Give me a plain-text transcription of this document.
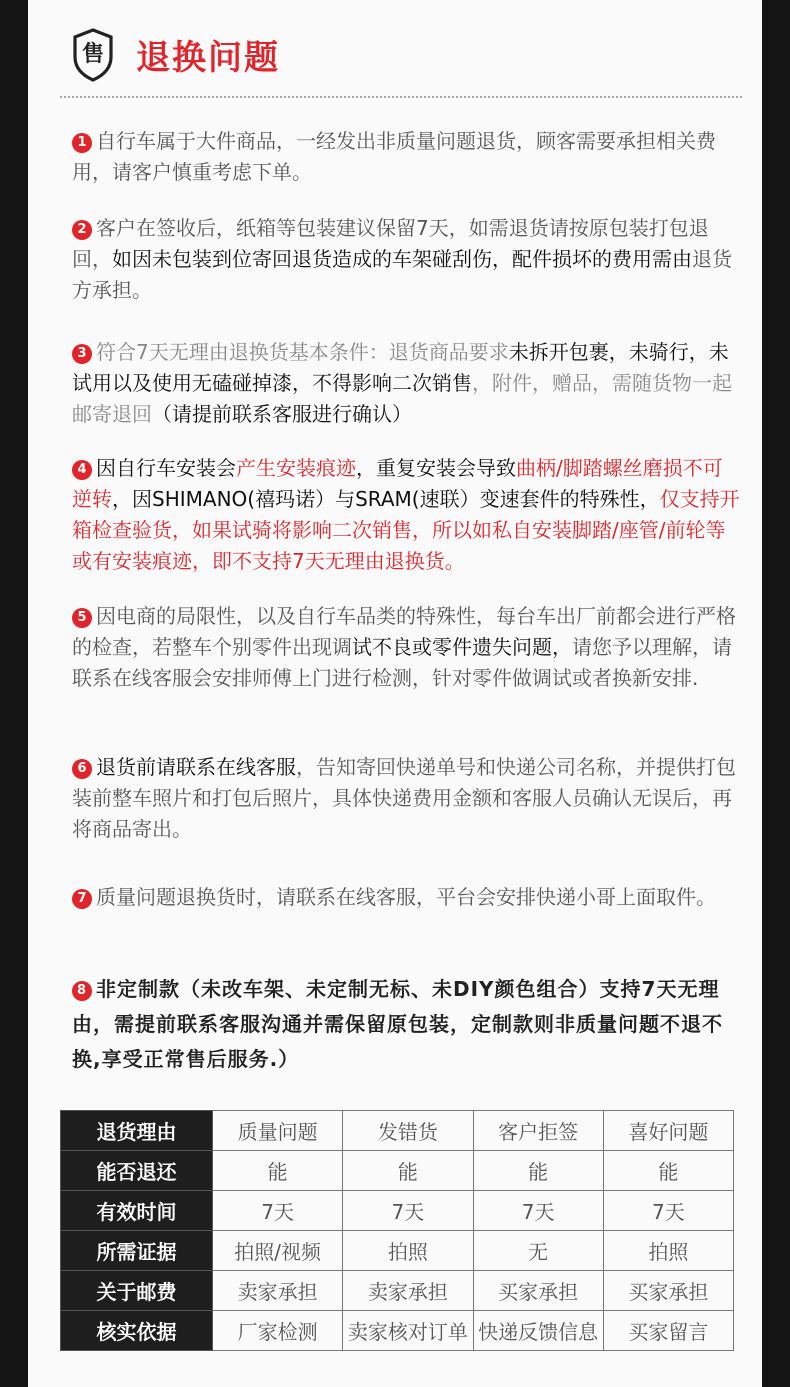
售 退换问题
1 自行车属于大件商品，一经发出非质量问题退货，顾客需要承担相关费用，请客户慎重考虑下单。
2 客户在签收后，纸箱等包装建议保留7天，如需退货请按原包装打包退回，如因未包装到位寄回退货造成的车架碰刮伤，配件损坏的费用需由退货方承担。
3 符合7天无理由退换货基本条件：退货商品要求未拆开包裹，未骑行，未试用以及使用无磕碰掉漆，不得影响二次销售，附件，赠品，需随货物一起邮寄退回（请提前联系客服进行确认）
4 因自行车安装会产生安装痕迹，重复安装会导致曲柄/脚踏螺丝磨损不可逆转，因SHIMANO(禧玛诺）与SRAM(速联）变速套件的特殊性，仅支持开箱检查验货，如果试骑将影响二次销售，所以如私自安装脚踏/座管/前轮等或有安装痕迹，即不支持7天无理由退换货。
5 因电商的局限性，以及自行车品类的特殊性，每台车出厂前都会进行严格的检查，若整车个别零件出现调试不良或零件遗失问题，请您予以理解，请联系在线客服会安排师傅上门进行检测，针对零件做调试或者换新安排.
6 退货前请联系在线客服，告知寄回快递单号和快递公司名称，并提供打包装前整车照片和打包后照片，具体快递费用金额和客服人员确认无误后，再将商品寄出。
7 质量问题退换货时，请联系在线客服，平台会安排快递小哥上面取件。
8 非定制款（未改车架、未定制无标、未DIY颜色组合）支持7天无理由，需提前联系客服沟通并需保留原包装，定制款则非质量问题不退不换,享受正常售后服务.）
退货理由	质量问题	发错货	客户拒签	喜好问题
能否退还	能	能	能	能
有效时间	7天	7天	7天	7天
所需证据	拍照/视频	拍照	无	拍照
关于邮费	卖家承担	卖家承担	买家承担	买家承担
核实依据	厂家检测	卖家核对订单	快递反馈信息	买家留言
